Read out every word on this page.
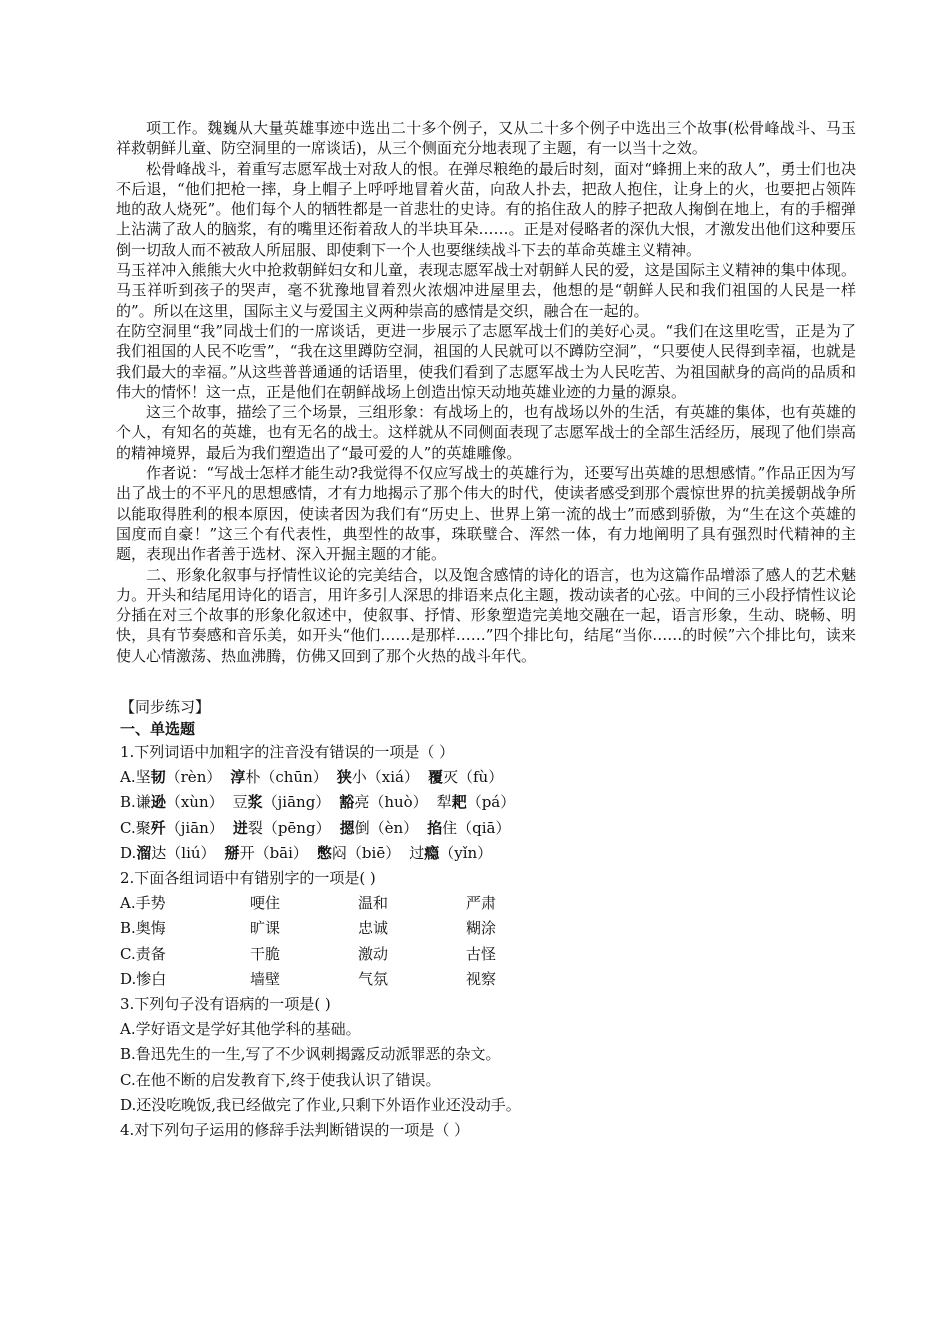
项工作。魏巍从大量英雄事迹中选出二十多个例子，又从二十多个例子中选出三个故事(松骨峰战斗、马玉祥救朝鲜儿童、防空洞里的一席谈话)，从三个侧面充分地表现了主题，有一以当十之效。

松骨峰战斗，着重写志愿军战士对敌人的恨。在弹尽粮绝的最后时刻，面对“蜂拥上来的敌人”，勇士们也决不后退，“他们把枪一摔，身上帽子上呼呼地冒着火苗，向敌人扑去，把敌人抱住，让身上的火，也要把占领阵地的敌人烧死”。他们每个人的牺牲都是一首悲壮的史诗。有的掐住敌人的脖子把敌人掬倒在地上，有的手榴弹上沾满了敌人的脑浆，有的嘴里还衔着敌人的半块耳朵……。正是对侵略者的深仇大恨，才激发出他们这种要压倒一切敌人而不被敌人所屈服、即使剩下一个人也要继续战斗下去的革命英雄主义精神。

马玉祥冲入熊熊大火中抢救朝鲜妇女和儿童，表现志愿军战士对朝鲜人民的爱，这是国际主义精神的集中体现。马玉祥听到孩子的哭声，毫不犹豫地冒着烈火浓烟冲进屋里去，他想的是“朝鲜人民和我们祖国的人民是一样的”。所以在这里，国际主义与爱国主义两种崇高的感情是交织，融合在一起的。

在防空洞里“我”同战士们的一席谈话，更进一步展示了志愿军战士们的美好心灵。“我们在这里吃雪，正是为了我们祖国的人民不吃雪”，“我在这里蹲防空洞，祖国的人民就可以不蹲防空洞”，“只要使人民得到幸福，也就是我们最大的幸福。”从这些普普通通的话语里，使我们看到了志愿军战士为人民吃苦、为祖国献身的高尚的品质和伟大的情怀！这一点，正是他们在朝鲜战场上创造出惊天动地英雄业迹的力量的源泉。

这三个故事，描绘了三个场景，三组形象：有战场上的，也有战场以外的生活，有英雄的集体，也有英雄的个人，有知名的英雄，也有无名的战士。这样就从不同侧面表现了志愿军战士的全部生活经历，展现了他们崇高的精神境界，最后为我们塑造出了“最可爱的人”的英雄雕像。

作者说：“写战士怎样才能生动?我觉得不仅应写战士的英雄行为，还要写出英雄的思想感情。”作品正因为写出了战士的不平凡的思想感情，才有力地揭示了那个伟大的时代，使读者感受到那个震惊世界的抗美援朝战争所以能取得胜利的根本原因，使读者因为我们有“历史上、世界上第一流的战士”而感到骄傲，为“生在这个英雄的国度而自豪！”这三个有代表性，典型性的故事，珠联璧合、浑然一体，有力地阐明了具有强烈时代精神的主题，表现出作者善于选材、深入开掘主题的才能。

二、形象化叙事与抒情性议论的完美结合，以及饱含感情的诗化的语言，也为这篇作品增添了感人的艺术魅力。开头和结尾用诗化的语言，用许多引人深思的排语来点化主题，拨动读者的心弦。中间的三小段抒情性议论分插在对三个故事的形象化叙述中，使叙事、抒情、形象塑造完美地交融在一起，语言形象，生动、晓畅、明快，具有节奏感和音乐美，如开头“他们……是那样……”四个排比句，结尾“当你……的时候”六个排比句，读来使人心情激荡、热血沸腾，仿佛又回到了那个火热的战斗年代。

【同步练习】

一、单选题

1.下列词语中加粗字的注音没有错误的一项是（ ）

A.坚韧（rèn） 淳朴（chūn） 狭小（xiá） 覆灭（fù）

B.谦逊（xùn） 豆浆（jiāng） 豁亮（huò） 犁耙（pá）

C.聚歼（jiān） 迸裂（pēng） 摁倒（èn） 掐住（qiā）

D.溜达（liú） 掰开（bāi） 憋闷（biē） 过瘾（yǐn）

2.下面各组词语中有错别字的一项是( )

A.手势	哽住	温和	严肃
B.奥悔	旷课	忠诚	糊涂
C.责备	干脆	激动	古怪
D.惨白	墙壁	气氛	视察

3.下列句子没有语病的一项是( )

A.学好语文是学好其他学科的基础。

B.鲁迅先生的一生,写了不少讽刺揭露反动派罪恶的杂文。

C.在他不断的启发教育下,终于使我认识了错误。

D.还没吃晚饭,我已经做完了作业,只剩下外语作业还没动手。

4.对下列句子运用的修辞手法判断错误的一项是（ ）
